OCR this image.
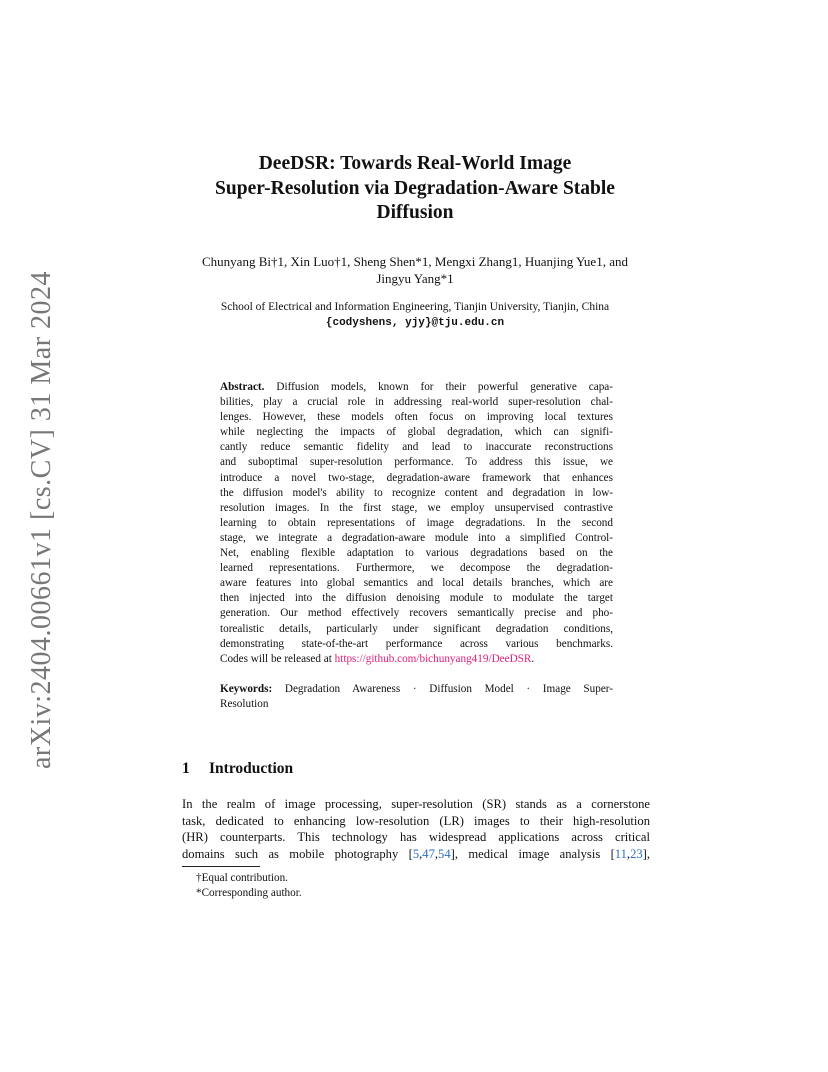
arXiv:2404.00661v1 [cs.CV] 31 Mar 2024
DeeDSR: Towards Real-World Image
Super-Resolution via Degradation-Aware Stable
Diffusion
Chunyang Bi†1, Xin Luo†1, Sheng Shen*1, Mengxi Zhang1, Huanjing Yue1, and
Jingyu Yang*1
School of Electrical and Information Engineering, Tianjin University, Tianjin, China
{codyshens, yjy}@tju.edu.cn
Abstract. Diffusion models, known for their powerful generative capa-
bilities, play a crucial role in addressing real-world super-resolution chal-
lenges. However, these models often focus on improving local textures
while neglecting the impacts of global degradation, which can signifi-
cantly reduce semantic fidelity and lead to inaccurate reconstructions
and suboptimal super-resolution performance. To address this issue, we
introduce a novel two-stage, degradation-aware framework that enhances
the diffusion model's ability to recognize content and degradation in low-
resolution images. In the first stage, we employ unsupervised contrastive
learning to obtain representations of image degradations. In the second
stage, we integrate a degradation-aware module into a simplified Control-
Net, enabling flexible adaptation to various degradations based on the
learned representations. Furthermore, we decompose the degradation-
aware features into global semantics and local details branches, which are
then injected into the diffusion denoising module to modulate the target
generation. Our method effectively recovers semantically precise and pho-
torealistic details, particularly under significant degradation conditions,
demonstrating state-of-the-art performance across various benchmarks.
Codes will be released at https://github.com/bichunyang419/DeeDSR.
Keywords: Degradation Awareness · Diffusion Model · Image Super-
Resolution
1 Introduction
In the realm of image processing, super-resolution (SR) stands as a cornerstone
task, dedicated to enhancing low-resolution (LR) images to their high-resolution
(HR) counterparts. This technology has widespread applications across critical
domains such as mobile photography [5,47,54], medical image analysis [11,23],
†Equal contribution.
*Corresponding author.
